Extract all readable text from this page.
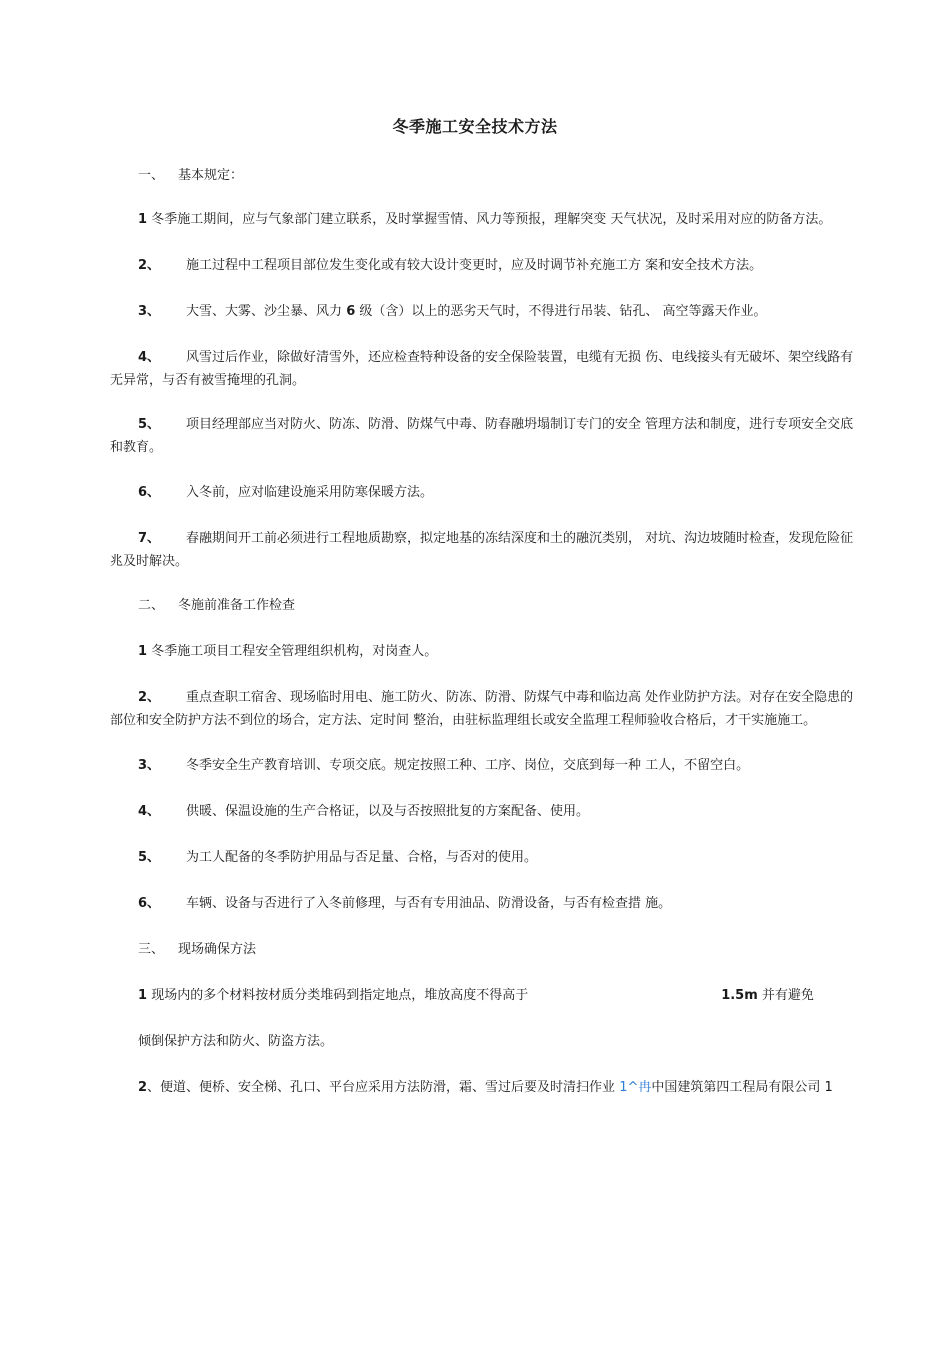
冬季施工安全技术方法
一、 基本规定：
1 冬季施工期间，应与气象部门建立联系，及时掌握雪情、风力等预报，理解突变 天气状况，及时采用对应的防备方法。
2、 施工过程中工程项目部位发生变化或有较大设计变更时，应及时调节补充施工方 案和安全技术方法。
3、 大雪、大雾、沙尘暴、风力 6 级（含）以上的恶劣天气时，不得进行吊装、钻孔、 高空等露天作业。
4、 风雪过后作业，除做好清雪外，还应检查特种设备的安全保险装置，电缆有无损 伤、电线接头有无破坏、架空线路有无异常，与否有被雪掩埋的孔洞。
5、 项目经理部应当对防火、防冻、防滑、防煤气中毒、防春融坍塌制订专门的安全 管理方法和制度，进行专项安全交底和教育。
6、 入冬前，应对临建设施采用防寒保暖方法。
7、 春融期间开工前必须进行工程地质勘察，拟定地基的冻结深度和土的融沉类别， 对坑、沟边坡随时检查，发现危险征兆及时解决。
二、 冬施前准备工作检查
1 冬季施工项目工程安全管理组织机构，对岗查人。
2、 重点查职工宿舍、现场临时用电、施工防火、防冻、防滑、防煤气中毒和临边高 处作业防护方法。对存在安全隐患的部位和安全防护方法不到位的场合，定方法、定时间 整治，由驻标监理组长或安全监理工程师验收合格后，才干实施施工。
3、 冬季安全生产教育培训、专项交底。规定按照工种、工序、岗位，交底到每一种 工人，不留空白。
4、 供暖、保温设施的生产合格证，以及与否按照批复的方案配备、使用。
5、 为工人配备的冬季防护用品与否足量、合格，与否对的使用。
6、 车辆、设备与否进行了入冬前修理，与否有专用油品、防滑设备，与否有检查措 施。
三、 现场确保方法
1 现场内的多个材料按材质分类堆码到指定地点，堆放高度不得高于	1.5m 并有避免
倾倒保护方法和防火、防盗方法。
2、便道、便桥、安全梯、孔口、平台应采用方法防滑，霜、雪过后要及时清扫作业 1^冉中国建筑第四工程局有限公司 1
